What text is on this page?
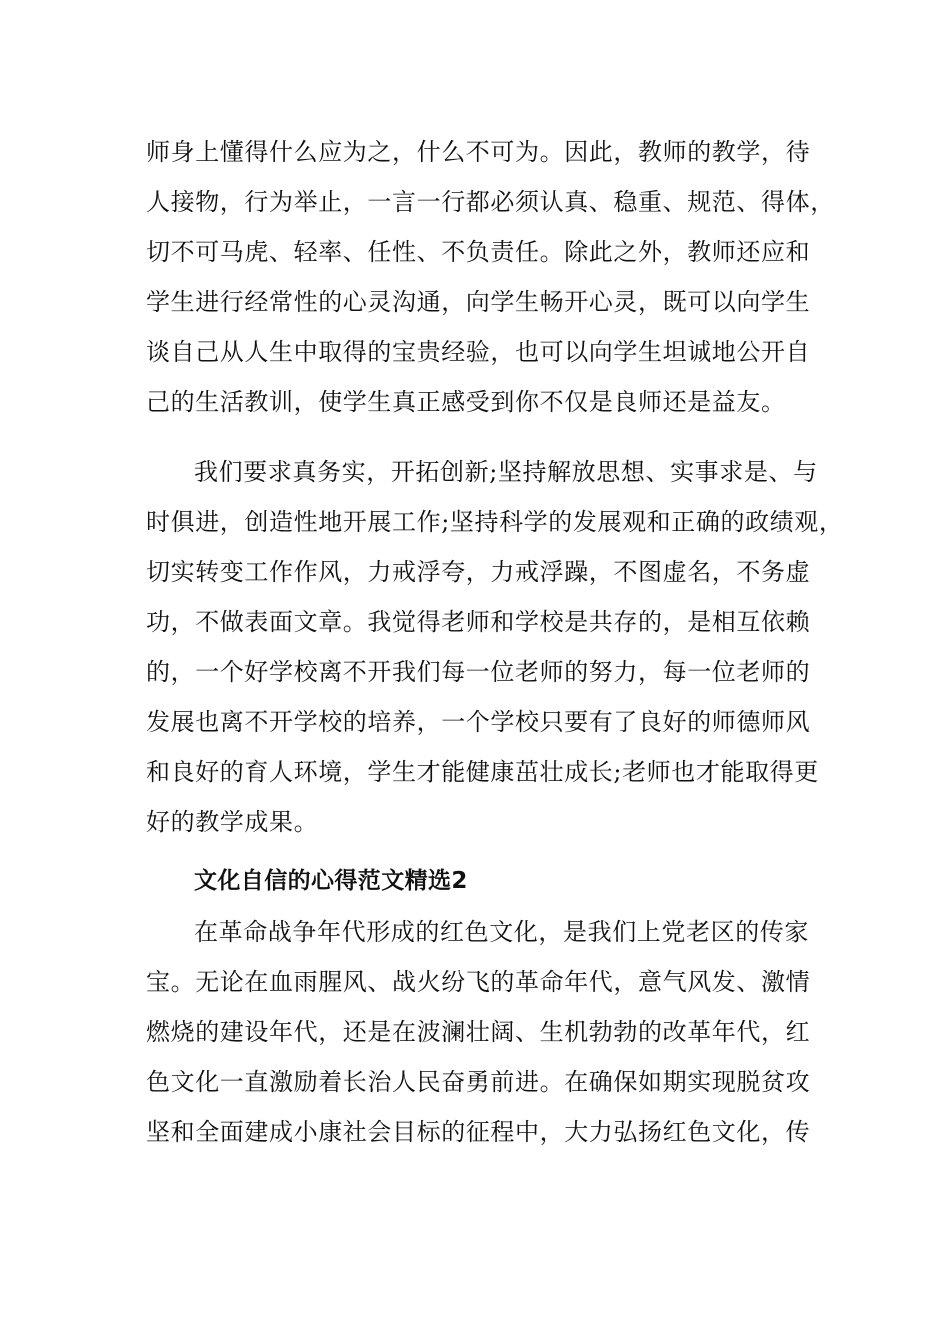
师身上懂得什么应为之，什么不可为。因此，教师的教学，待
人接物，行为举止，一言一行都必须认真、稳重、规范、得体，
切不可马虎、轻率、任性、不负责任。除此之外，教师还应和
学生进行经常性的心灵沟通，向学生畅开心灵，既可以向学生
谈自己从人生中取得的宝贵经验，也可以向学生坦诚地公开自
己的生活教训，使学生真正感受到你不仅是良师还是益友。
我们要求真务实，开拓创新;坚持解放思想、实事求是、与
时俱进，创造性地开展工作;坚持科学的发展观和正确的政绩观，
切实转变工作作风，力戒浮夸，力戒浮躁，不图虚名，不务虚
功，不做表面文章。我觉得老师和学校是共存的，是相互依赖
的，一个好学校离不开我们每一位老师的努力，每一位老师的
发展也离不开学校的培养，一个学校只要有了良好的师德师风
和良好的育人环境，学生才能健康茁壮成长;老师也才能取得更
好的教学成果。
文化自信的心得范文精选2
在革命战争年代形成的红色文化，是我们上党老区的传家
宝。无论在血雨腥风、战火纷飞的革命年代，意气风发、激情
燃烧的建设年代，还是在波澜壮阔、生机勃勃的改革年代，红
色文化一直激励着长治人民奋勇前进。在确保如期实现脱贫攻
坚和全面建成小康社会目标的征程中，大力弘扬红色文化，传
